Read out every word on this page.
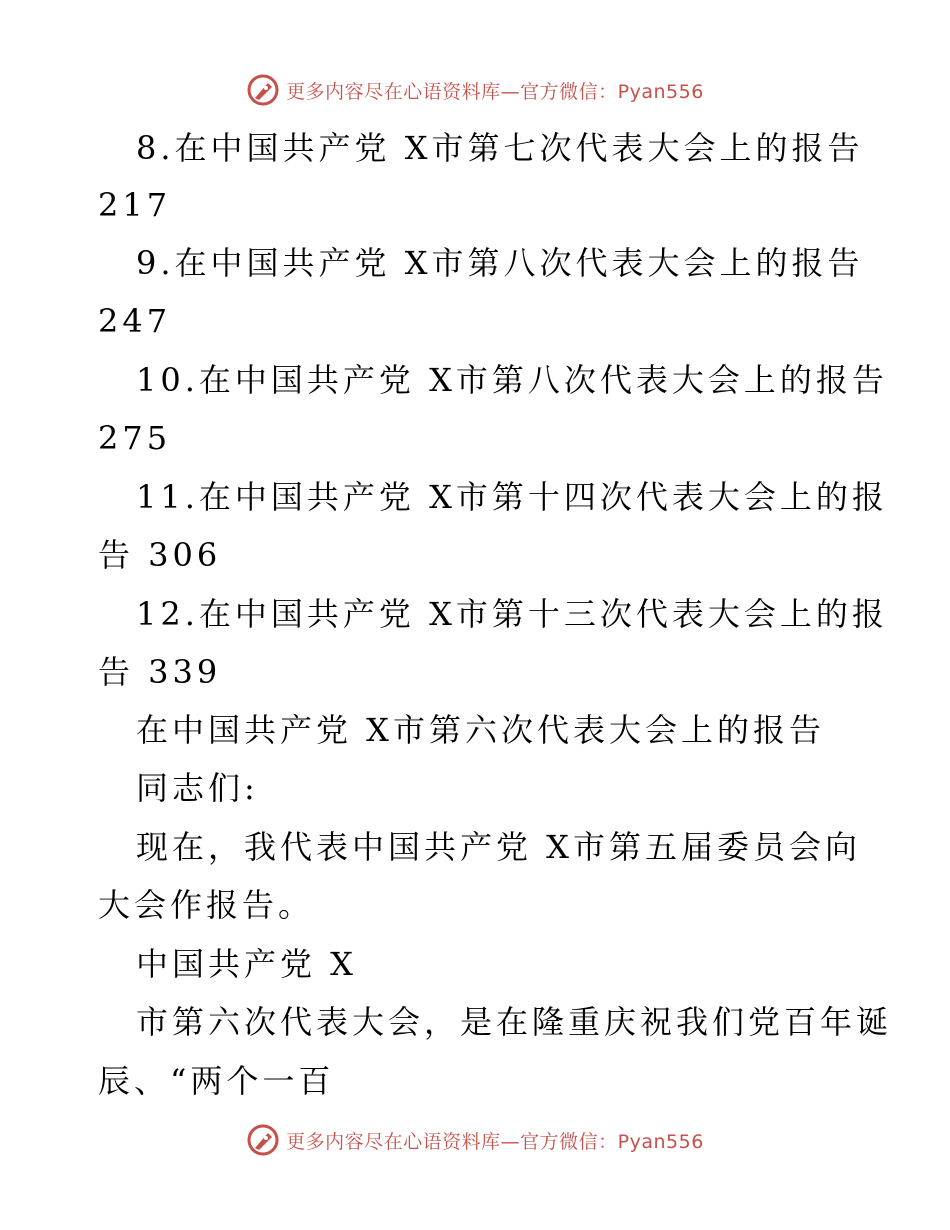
更多内容尽在心语资料库—官方微信：Pyan556
8.在中国共产党 X市第七次代表大会上的报告
217
9.在中国共产党 X市第八次代表大会上的报告
247
10.在中国共产党 X市第八次代表大会上的报告
275
11.在中国共产党 X市第十四次代表大会上的报
告 306
12.在中国共产党 X市第十三次代表大会上的报
告 339
在中国共产党 X市第六次代表大会上的报告
同志们:
现在，我代表中国共产党 X市第五届委员会向
大会作报告。
中国共产党 X
市第六次代表大会，是在隆重庆祝我们党百年诞
辰、“两个一百
更多内容尽在心语资料库—官方微信：Pyan556
